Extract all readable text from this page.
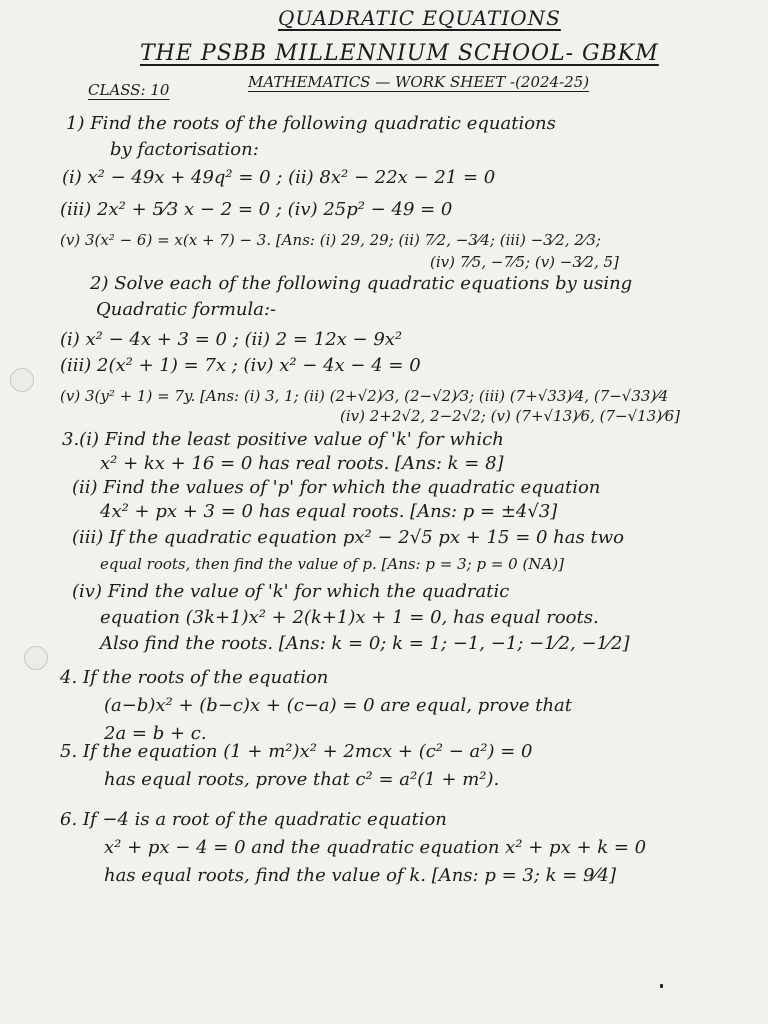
QUADRATIC EQUATIONS
THE PSBB MILLENNIUM SCHOOL- GBKM
CLASS: 10	MATHEMATICS — WORK SHEET -(2024-25)
1) Find the roots of the following quadratic equations
by factorisation:
(i) x² − 49x + 49q² = 0 ; (ii) 8x² − 22x − 21 = 0
(iii) 2x² + 5⁄3 x − 2 = 0 ; (iv) 25p² − 49 = 0
(v) 3(x² − 6) = x(x + 7) − 3. [Ans: (i) 29, 29; (ii) 7⁄2, −3⁄4; (iii) −3⁄2, 2⁄3;
(iv) 7⁄5, −7⁄5; (v) −3⁄2, 5]
2) Solve each of the following quadratic equations by using
Quadratic formula:-
(i) x² − 4x + 3 = 0 ; (ii) 2 = 12x − 9x²
(iii) 2(x² + 1) = 7x ; (iv) x² − 4x − 4 = 0
(v) 3(y² + 1) = 7y. [Ans: (i) 3, 1; (ii) (2+√2)⁄3, (2−√2)⁄3; (iii) (7+√33)⁄4, (7−√33)⁄4
(iv) 2+2√2, 2−2√2; (v) (7+√13)⁄6, (7−√13)⁄6]
3.(i) Find the least positive value of 'k' for which
x² + kx + 16 = 0 has real roots. [Ans: k = 8]
(ii) Find the values of 'p' for which the quadratic equation
4x² + px + 3 = 0 has equal roots. [Ans: p = ±4√3]
(iii) If the quadratic equation px² − 2√5 px + 15 = 0 has two
equal roots, then find the value of p. [Ans: p = 3; p = 0 (NA)]
(iv) Find the value of 'k' for which the quadratic
equation (3k+1)x² + 2(k+1)x + 1 = 0, has equal roots.
Also find the roots. [Ans: k = 0; k = 1; −1, −1; −1⁄2, −1⁄2]
4. If the roots of the equation
(a−b)x² + (b−c)x + (c−a) = 0 are equal, prove that
2a = b + c.
5. If the equation (1 + m²)x² + 2mcx + (c² − a²) = 0
has equal roots, prove that c² = a²(1 + m²).
6. If −4 is a root of the quadratic equation
x² + px − 4 = 0 and the quadratic equation x² + px + k = 0
has equal roots, find the value of k. [Ans: p = 3; k = 9⁄4]
